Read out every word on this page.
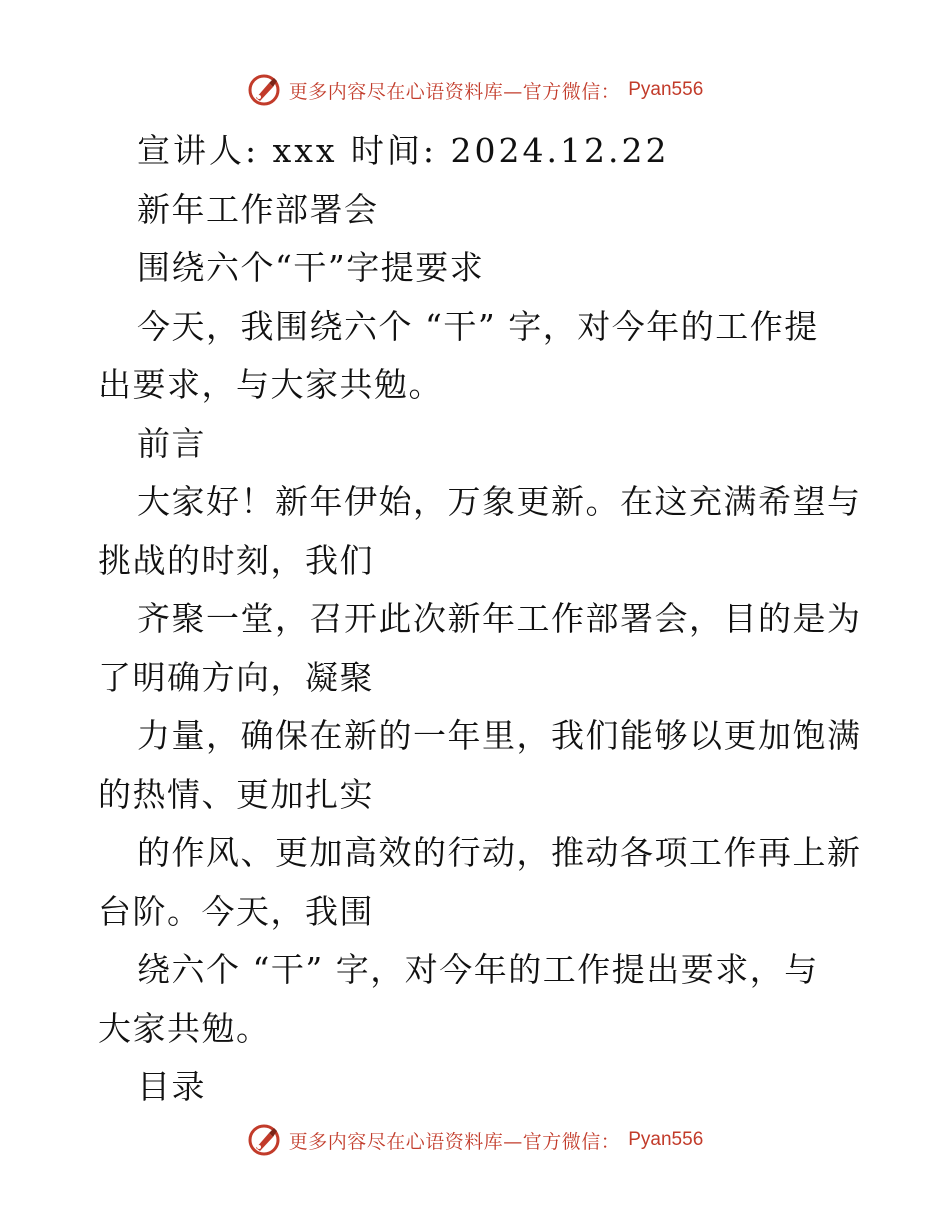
更多内容尽在心语资料库—官方微信： Pyan556
宣讲人: xxx 时间: 2024.12.22
新年工作部署会
围绕六个“干”字提要求
今天，我围绕六个 “干” 字，对今年的工作提
出要求，与大家共勉。
前言
大家好！新年伊始，万象更新。在这充满希望与
挑战的时刻，我们
齐聚一堂，召开此次新年工作部署会，目的是为
了明确方向，凝聚
力量，确保在新的一年里，我们能够以更加饱满
的热情、更加扎实
的作风、更加高效的行动，推动各项工作再上新
台阶。今天，我围
绕六个 “干” 字，对今年的工作提出要求，与
大家共勉。
目录
更多内容尽在心语资料库—官方微信： Pyan556
